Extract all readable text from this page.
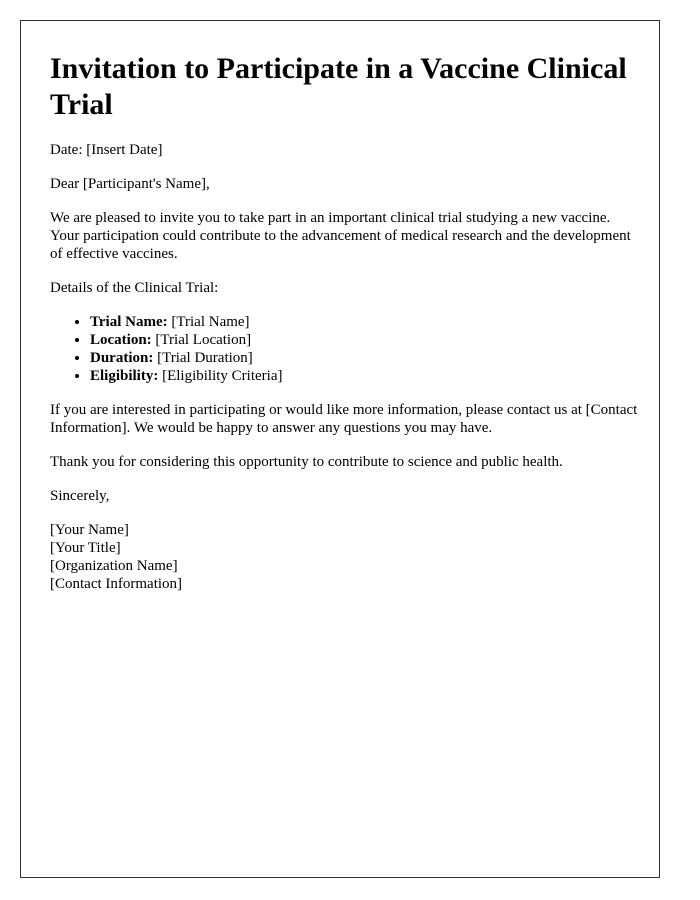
Invitation to Participate in a Vaccine Clinical Trial

Date: [Insert Date]

Dear [Participant's Name],

We are pleased to invite you to take part in an important clinical trial studying a new vaccine. Your participation could contribute to the advancement of medical research and the development of effective vaccines.

Details of the Clinical Trial:

• Trial Name: [Trial Name]
• Location: [Trial Location]
• Duration: [Trial Duration]
• Eligibility: [Eligibility Criteria]

If you are interested in participating or would like more information, please contact us at [Contact Information]. We would be happy to answer any questions you may have.

Thank you for considering this opportunity to contribute to science and public health.

Sincerely,

[Your Name]
[Your Title]
[Organization Name]
[Contact Information]
